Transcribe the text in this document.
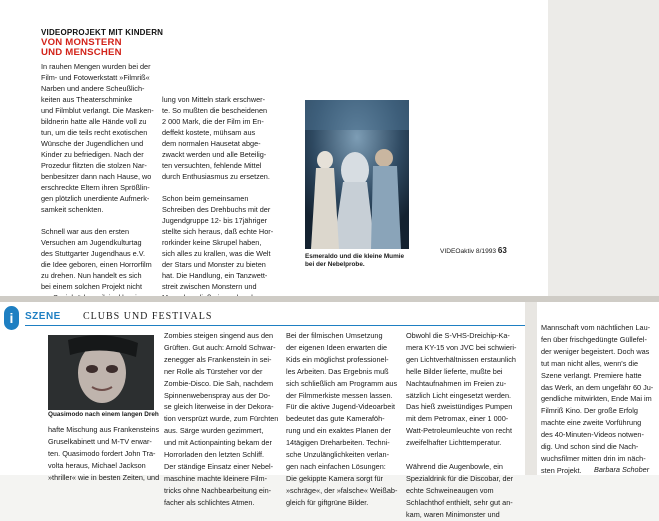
VIDEOPROJEKT MIT KINDERN
VON MONSTERN
UND MENSCHEN

In rauhen Mengen wurden bei der
Film- und Fotowerkstatt »Filmriß«
Narben und andere Scheußlich-
keiten aus Theaterschminke
und Filmblut verlangt. Die Masken-
bildnerin hatte alle Hände voll zu
tun, um die teils recht exotischen
Wünsche der Jugendlichen und
Kinder zu befriedigen. Nach der
Prozedur flitzten die stolzen Nar-
benbesitzer dann nach Hause, wo
erschreckte Eltern ihren Sprößlin-
gen plötzlich unerdiente Aufmerk-
samkeit schenkten.

Schnell war aus den ersten
Versuchen am Jugendkulturtag
des Stuttgarter Jugendhaus e.V.
die Idee geboren, einen Horrorfilm
zu drehen. Nun handelt es sich
bei einem solchen Projekt nicht

lung von Mitteln stark erschwer-
te. So mußten die bescheidenen
2 000 Mark, die der Film im En-
deffekt kostete, mühsam aus
dem normalen Hausetat abge-
zwackt werden und alle Beteilig-
ten versuchten, fehlende Mittel
durch Enthusiasmus zu ersetzen.

Schon beim gemeinsamen
Schreiben des Drehbuchs mit der
Jugendgruppe 12- bis 17jähriger
stellte sich heraus, daß echte Hor-
rorkinder keine Skrupel haben,
sich alles zu krallen, was die Welt
der Stars und Monster zu bieten
hat. Die Handlung, ein Tanzwett-
streit zwischen Monstern und

Esmeraldo und die kleine Mumie
bei der Nebelprobe.
VIDEOaktiv 8/1993 63
i	SZENE CLUBS UND FESTIVALS
Quasimodo nach einem langen Dreh

hafte Mischung aus Frankensteins
Gruselkabinett und M-TV erwar-
ten. Quasimodo fordert John Tra-
volta heraus, Michael Jackson
»thriller« wie in besten Zeiten, und

Zombies steigen singend aus den
Grüften. Gut auch: Arnold Schwar-
zenegger als Frankenstein in sei-
ner Rolle als Türsteher vor der
Zombie-Disco. Die Sah, nachdem
Spinnenwebenspray aus der Do-
se gleich literweise in der Dekora-
tion versprüzt wurde, zum Fürchten
aus. Särge wurden gezimmert,
und mit Actionpainting bekam der
Horrorladen den letzten Schliff.
Der ständige Einsatz einer Nebel-
maschine machte kleinere Film-
tricks ohne Nachbearbeitung ein-
facher als schlichtes Atmen.

Bei der filmischen Umsetzung
der eigenen Ideen erwarten die
Kids ein möglichst professionel-
les Arbeiten. Das Ergebnis muß
sich schließlich am Programm aus
der Filmmerkiste messen lassen.
Für die aktive Jugend-Videoarbeit
bedeutet das gute Kameraföh-
rung und ein exaktes Planen der
14tägigen Dreharbeiten. Techni-
sche Unzulänglichkeiten verlan-
gen nach einfachen Lösungen:
Die gekippte Kamera sorgt für
»schräge«, der »falsche« Weißab-
gleich für giftgrüne Bilder.

Obwohl die S-VHS-Dreichip-Ka-
mera KY-15 von JVC bei schwieri-
gen Lichtverhältnissen erstaunlich
helle Bilder lieferte, mußte bei
Nachtaufnahmen im Freien zu-
sätzlich Licht eingesetzt werden.
Das hieß zweistündiges Pumpen
mit dem Petromax, einer 1 000-
Watt-Petroleumleuchte von recht
zweifelhafter Lichttemperatur.

Während die Augenbowle, ein
Spezialdrink für die Discobar, der
echte Schweineaugen vom
Schlachthof enthielt, sehr gut an-
kam, waren Minimonster und

Mannschaft vom nächtlichen Lau-
fen über frischgedüngte Güllefel-
der weniger begeistert. Doch was
tut man nicht alles, wenn's die
Szene verlangt. Premiere hatte
das Werk, an dem ungefähr 60 Ju-
gendliche mitwirkten, Ende Mai im
Filmriß Kino. Der große Erfolg
machte eine zweite Vorführung
des 40-Minuten-Videos notwen-
dig. Und schon sind die Nach-
wuchsfilmer mitten drin im näch-
sten Projekt.	Barbara Schober
